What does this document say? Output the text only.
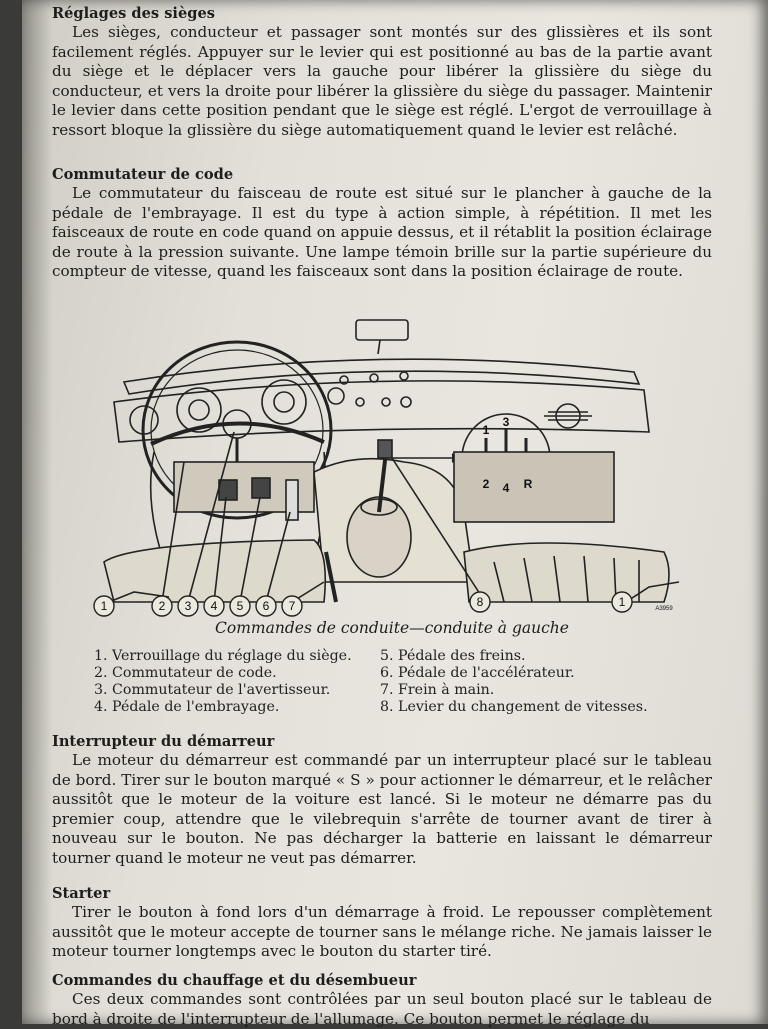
Réglages des sièges

Les sièges, conducteur et passager sont montés sur des glissières et ils sont facilement réglés. Appuyer sur le levier qui est positionné au bas de la partie avant du siège et le déplacer vers la gauche pour libérer la glissière du siège du conducteur, et vers la droite pour libérer la glissière du siège du passager. Maintenir le levier dans cette position pendant que le siège est réglé. L'ergot de verrouillage à ressort bloque la glissière du siège automatiquement quand le levier est relâché.

Commutateur de code

Le commutateur du faisceau de route est situé sur le plancher à gauche de la pédale de l'embrayage. Il est du type à action simple, à répétition. Il met les faisceaux de route en code quand on appuie dessus, et il rétablit la position éclairage de route à la pression suivante. Une lampe témoin brille sur la partie supérieure du compteur de vitesse, quand les faisceaux sont dans la position éclairage de route.

1	2 3 4 5 6 7	8	1
1
3
2 4 R
A3959
Commandes de conduite—conduite à gauche
1. Verrouillage du réglage du siège.
2. Commutateur de code.
3. Commutateur de l'avertisseur.
4. Pédale de l'embrayage.
5. Pédale des freins.
6. Pédale de l'accélérateur.
7. Frein à main.
8. Levier du changement de vitesses.
Interrupteur du démarreur

Le moteur du démarreur est commandé par un interrupteur placé sur le tableau de bord. Tirer sur le bouton marqué « S » pour actionner le démarreur, et le relâcher aussitôt que le moteur de la voiture est lancé. Si le moteur ne démarre pas du premier coup, attendre que le vilebrequin s'arrête de tourner avant de tirer à nouveau sur le bouton. Ne pas décharger la batterie en laissant le démarreur tourner quand le moteur ne veut pas démarrer.

Starter

Tirer le bouton à fond lors d'un démarrage à froid. Le repousser complètement aussitôt que le moteur accepte de tourner sans le mélange riche. Ne jamais laisser le moteur tourner longtemps avec le bouton du starter tiré.

Commandes du chauffage et du désembueur

Ces deux commandes sont contrôlées par un seul bouton placé sur le tableau de bord à droite de l'interrupteur de l'allumage. Ce bouton permet le réglage du
